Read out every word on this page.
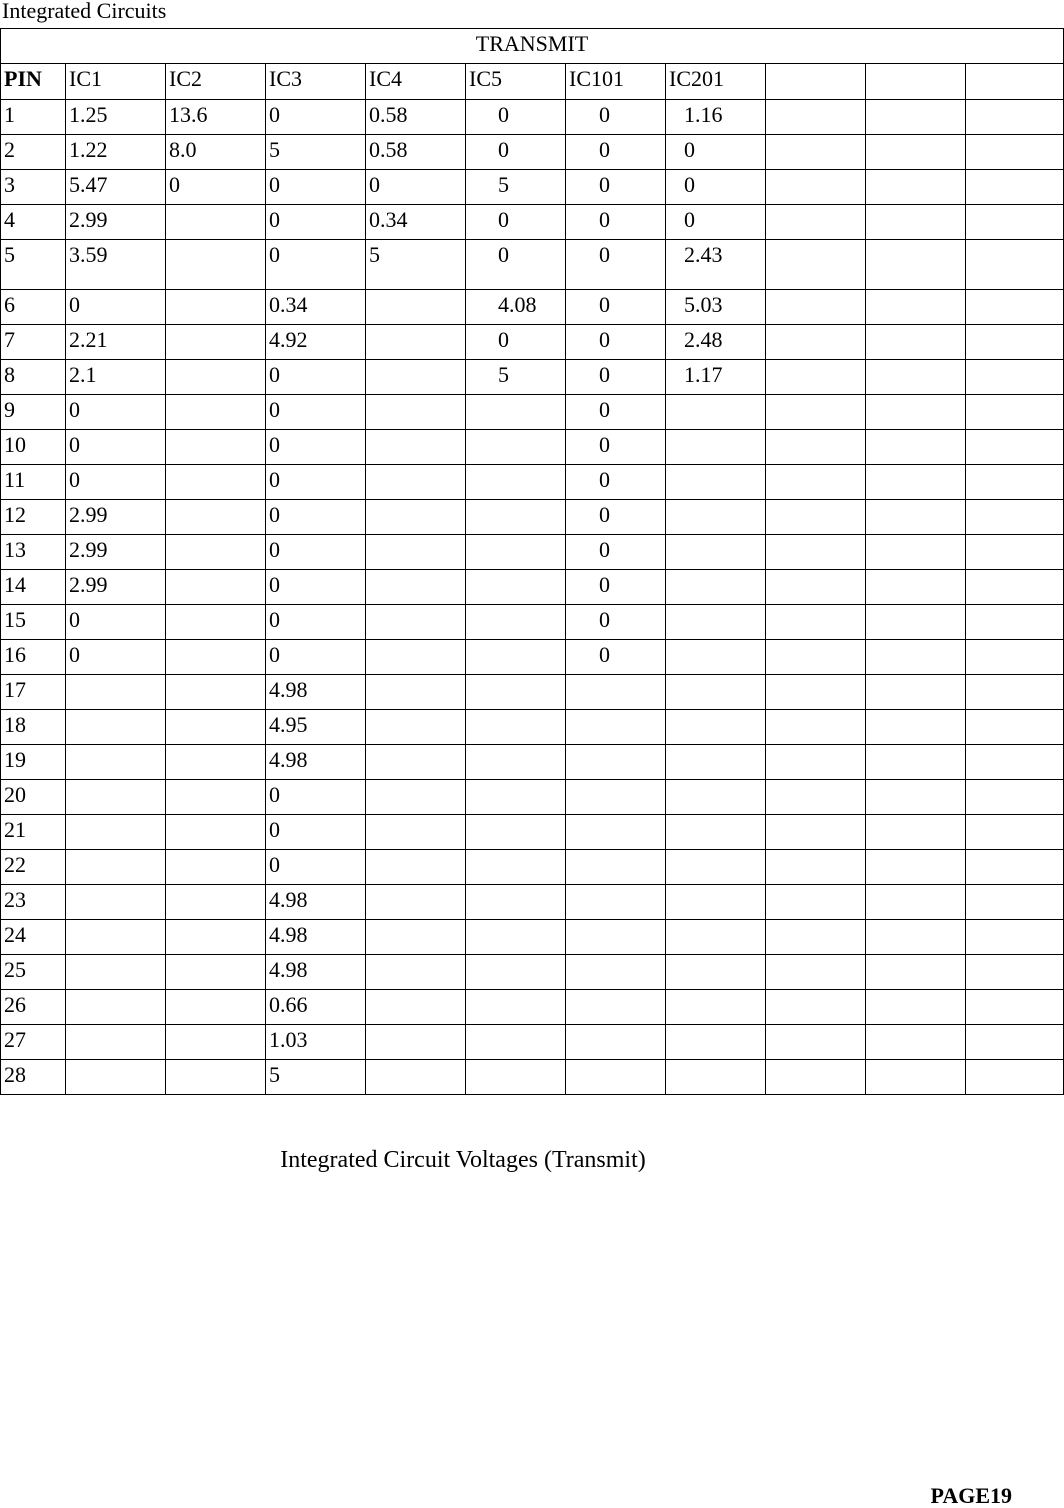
Integrated Circuits
TRANSMIT										
PIN	IC1	IC2	IC3	IC4	IC5	IC101	IC201			
1	1.25	13.6	0	0.58	0	0	1.16			
2	1.22	8.0	5	0.58	0	0	0			
3	5.47	0	0	0	5	0	0			
4	2.99		0	0.34	0	0	0			
5	3.59		0	5	0	0	2.43			
6	0		0.34		4.08	0	5.03			
7	2.21		4.92		0	0	2.48			
8	2.1		0		5	0	1.17			
9	0		0			0				
10	0		0			0				
11	0		0			0				
12	2.99		0			0				
13	2.99		0			0				
14	2.99		0			0				
15	0		0			0				
16	0		0			0				
17			4.98							
18			4.95							
19			4.98							
20			0							
21			0							
22			0							
23			4.98							
24			4.98							
25			4.98							
26			0.66							
27			1.03							
28			5							
Integrated Circuit Voltages (Transmit)
PAGE19
